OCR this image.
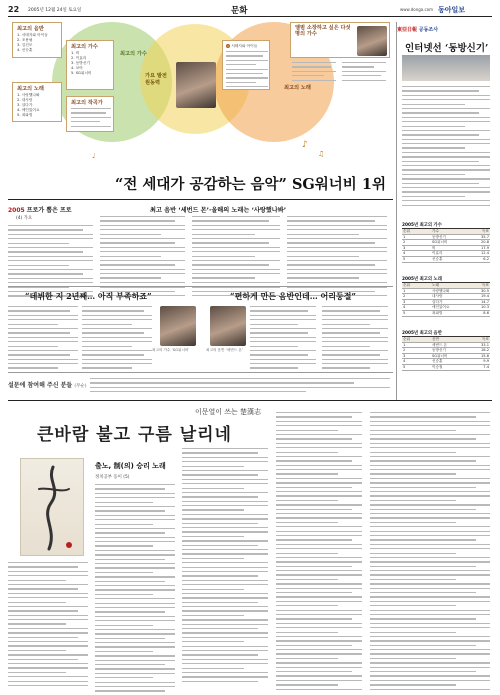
22 2005년 12월 24일 토요일	문화	www.donga.com 동아일보
최고의 음반
1. 서태지와 아이들
2. 조용필
3. 김건모
4. 신승훈
최고의 노래
1. 사랑했나봐
2. 내사람
3. 살다가
4. 애인있어요
5. 죄와벌
최고의 작곡가
최고의 가수
1. 비
2. 이효리
3. 동방신기
4. 보아
5. SG워너비
최고의 가수
가요 발전 원동력
1 서태지와 아이들
최고의 노래
앨범 소장하고 싶은 다섯 명의 가수
♪
♫
♩
“전 세대가 공감하는 음악” SG워너비 1위
2005 프로가 뽑은 프로
(4) 가요
최고 음반 ‘세번드 몬’·올해의 노래는 ‘사랑했나봐’
“데뷔한 지 2년째… 아직 부족하죠”	“편하게 만든 음반인데… 어리둥절”
최고의 가수 ‘SG워너비’	최고의 음반 ‘세번드 몬’
설문에 참여해 주신 분들 (무순)
東亞日報 공동조사
인터넷선 ‘동방신기’
2005년 최고의 가수
순위	가수	득표
1	동방신기	35.7
2	SG워너비	20.8
3	비	17.9
4	이효리	12.4
5	신승훈	6.2
2005년 최고의 노래
순위	노래	득표
1	사랑했나봐	30.5
2	내사람	19.4
3	살다가	14.7
4	애인있어요	10.3
5	죄와벌	8.6
2005년 최고의 음반
순위	음반	득표
1	세번드 몬	33.1
2	동방신기	18.2
3	SG워너비	15.6
4	신승훈	9.9
5	이승철	7.4
이문열이 쓰는 楚漢志
큰바람 불고 구름 날리네
출노, 制(의) 승리 노래
정치공부 동이 (5)
